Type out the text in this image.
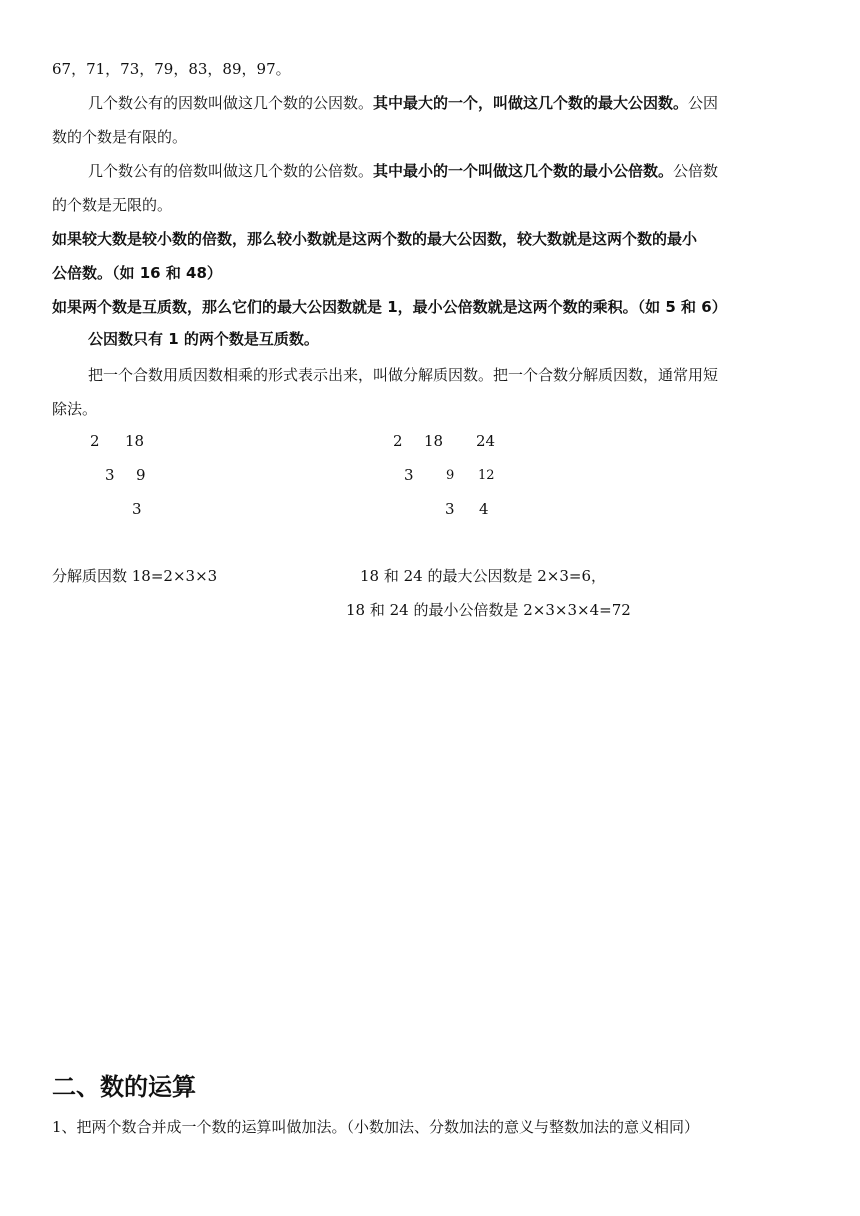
67，71，73，79，83，89，97。
几个数公有的因数叫做这几个数的公因数。其中最大的一个，叫做这几个数的最大公因数。公因
数的个数是有限的。
几个数公有的倍数叫做这几个数的公倍数。其中最小的一个叫做这几个数的最小公倍数。公倍数
的个数是无限的。
如果较大数是较小数的倍数，那么较小数就是这两个数的最大公因数，较大数就是这两个数的最小
公倍数。（如 16 和 48）
如果两个数是互质数，那么它们的最大公因数就是 1，最小公倍数就是这两个数的乘积。（如 5 和 6）
公因数只有 1 的两个数是互质数。
把一个合数用质因数相乘的形式表示出来，叫做分解质因数。把一个合数分解质因数，通常用短
除法。
2 18
3 9
3
2 18 24
3 9 12
3 4
分解质因数 18=2×3×3	18 和 24 的最大公因数是 2×3=6，
18 和 24 的最小公倍数是 2×3×3×4=72
二、数的运算
1、把两个数合并成一个数的运算叫做加法。（小数加法、分数加法的意义与整数加法的意义相同）
